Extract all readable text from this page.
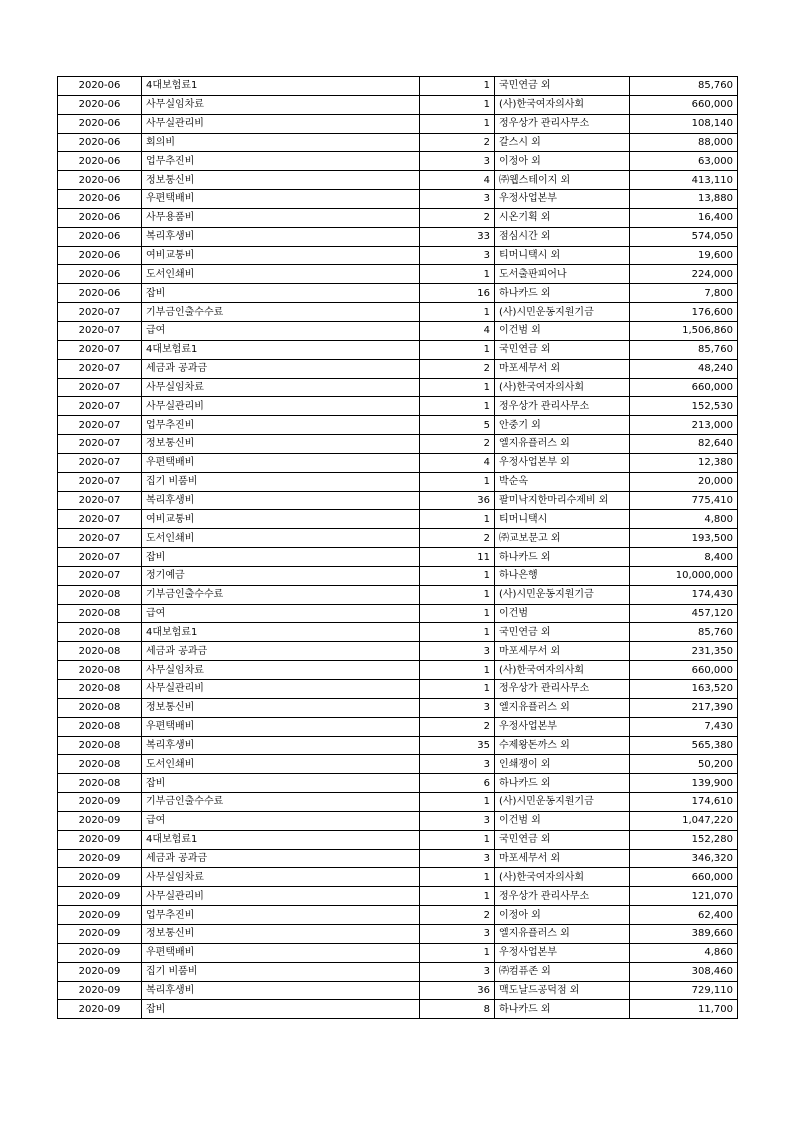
2020-06	4대보험료1	1	국민연금 외	85,760
2020-06	사무실임차료	1	(사)한국여자의사회	660,000
2020-06	사무실관리비	1	정우상가 관리사무소	108,140
2020-06	회의비	2	갈스시 외	88,000
2020-06	업무추진비	3	이정아 외	63,000
2020-06	정보통신비	4	㈜웹스테이지 외	413,110
2020-06	우편택배비	3	우정사업본부	13,880
2020-06	사무용품비	2	시온기획 외	16,400
2020-06	복리후생비	33	점심시간 외	574,050
2020-06	여비교통비	3	티머니택시 외	19,600
2020-06	도서인쇄비	1	도서출판피어나	224,000
2020-06	잡비	16	하나카드 외	7,800
2020-07	기부금인출수수료	1	(사)시민운동지원기금	176,600
2020-07	급여	4	이건범 외	1,506,860
2020-07	4대보험료1	1	국민연금 외	85,760
2020-07	세금과 공과금	2	마포세무서 외	48,240
2020-07	사무실임차료	1	(사)한국여자의사회	660,000
2020-07	사무실관리비	1	정우상가 관리사무소	152,530
2020-07	업무추진비	5	안중기 외	213,000
2020-07	정보통신비	2	엘지유플러스 외	82,640
2020-07	우편택배비	4	우정사업본부 외	12,380
2020-07	집기 비품비	1	박순옥	20,000
2020-07	복리후생비	36	팔미낙지한마리수제비 외	775,410
2020-07	여비교통비	1	티머니택시	4,800
2020-07	도서인쇄비	2	㈜교보문고 외	193,500
2020-07	잡비	11	하나카드 외	8,400
2020-07	정기예금	1	하나은행	10,000,000
2020-08	기부금인출수수료	1	(사)시민운동지원기금	174,430
2020-08	급여	1	이건범	457,120
2020-08	4대보험료1	1	국민연금 외	85,760
2020-08	세금과 공과금	3	마포세무서 외	231,350
2020-08	사무실임차료	1	(사)한국여자의사회	660,000
2020-08	사무실관리비	1	정우상가 관리사무소	163,520
2020-08	정보통신비	3	엘지유플러스 외	217,390
2020-08	우편택배비	2	우정사업본부	7,430
2020-08	복리후생비	35	수제왕돈까스 외	565,380
2020-08	도서인쇄비	3	인쇄쟁이 외	50,200
2020-08	잡비	6	하나카드 외	139,900
2020-09	기부금인출수수료	1	(사)시민운동지원기금	174,610
2020-09	급여	3	이건범 외	1,047,220
2020-09	4대보험료1	1	국민연금 외	152,280
2020-09	세금과 공과금	3	마포세무서 외	346,320
2020-09	사무실임차료	1	(사)한국여자의사회	660,000
2020-09	사무실관리비	1	정우상가 관리사무소	121,070
2020-09	업무추진비	2	이정아 외	62,400
2020-09	정보통신비	3	엘지유플러스 외	389,660
2020-09	우편택배비	1	우정사업본부	4,860
2020-09	집기 비품비	3	㈜컴퓨존 외	308,460
2020-09	복리후생비	36	맥도날드공덕점 외	729,110
2020-09	잡비	8	하나카드 외	11,700
